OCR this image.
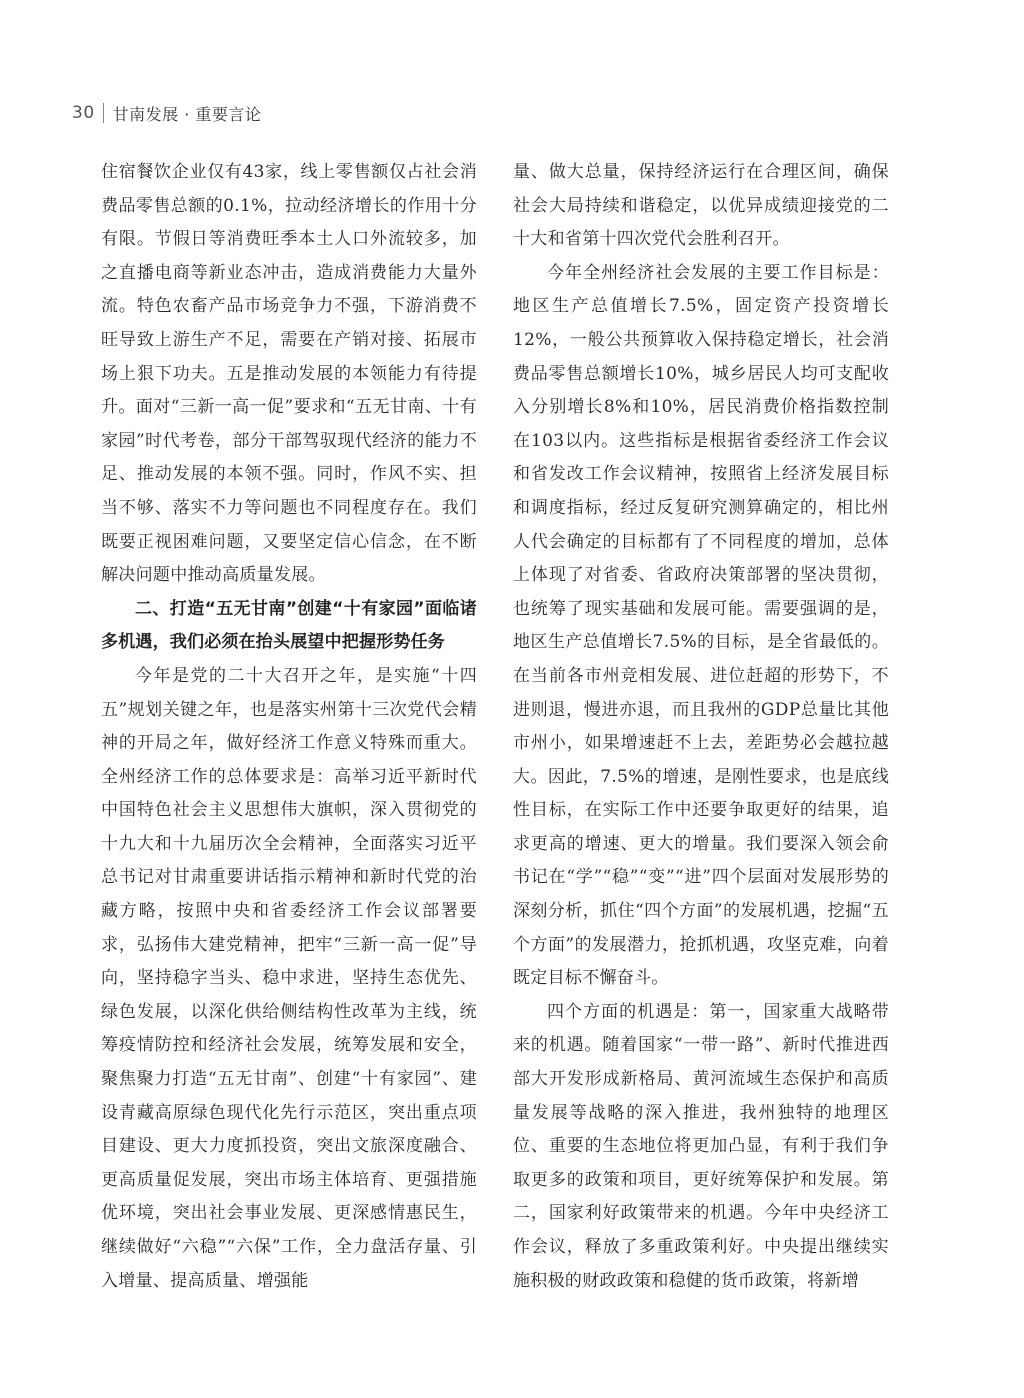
30 甘南发展 · 重要言论

住宿餐饮企业仅有43家，线上零售额仅占社会消费品零售总额的0.1%，拉动经济增长的作用十分有限。节假日等消费旺季本土人口外流较多，加之直播电商等新业态冲击，造成消费能力大量外流。特色农畜产品市场竞争力不强，下游消费不旺导致上游生产不足，需要在产销对接、拓展市场上狠下功夫。五是推动发展的本领能力有待提升。面对“三新一高一促”要求和“五无甘南、十有家园”时代考卷，部分干部驾驭现代经济的能力不足、推动发展的本领不强。同时，作风不实、担当不够、落实不力等问题也不同程度存在。我们既要正视困难问题，又要坚定信心信念，在不断解决问题中推动高质量发展。

二、打造“五无甘南”创建“十有家园”面临诸多机遇，我们必须在抬头展望中把握形势任务

今年是党的二十大召开之年，是实施“十四五”规划关键之年，也是落实州第十三次党代会精神的开局之年，做好经济工作意义特殊而重大。全州经济工作的总体要求是：高举习近平新时代中国特色社会主义思想伟大旗帜，深入贯彻党的十九大和十九届历次全会精神，全面落实习近平总书记对甘肃重要讲话指示精神和新时代党的治藏方略，按照中央和省委经济工作会议部署要求，弘扬伟大建党精神，把牢“三新一高一促”导向，坚持稳字当头、稳中求进，坚持生态优先、绿色发展，以深化供给侧结构性改革为主线，统筹疫情防控和经济社会发展，统筹发展和安全，聚焦聚力打造“五无甘南”、创建“十有家园”、建设青藏高原绿色现代化先行示范区，突出重点项目建设、更大力度抓投资，突出文旅深度融合、更高质量促发展，突出市场主体培育、更强措施优环境，突出社会事业发展、更深感情惠民生，继续做好“六稳”“六保”工作，全力盘活存量、引入增量、提高质量、增强能

量、做大总量，保持经济运行在合理区间，确保社会大局持续和谐稳定，以优异成绩迎接党的二十大和省第十四次党代会胜利召开。

今年全州经济社会发展的主要工作目标是：地区生产总值增长7.5%，固定资产投资增长12%，一般公共预算收入保持稳定增长，社会消费品零售总额增长10%，城乡居民人均可支配收入分别增长8%和10%，居民消费价格指数控制在103以内。这些指标是根据省委经济工作会议和省发改工作会议精神，按照省上经济发展目标和调度指标，经过反复研究测算确定的，相比州人代会确定的目标都有了不同程度的增加，总体上体现了对省委、省政府决策部署的坚决贯彻，也统筹了现实基础和发展可能。需要强调的是，地区生产总值增长7.5%的目标，是全省最低的。在当前各市州竞相发展、进位赶超的形势下，不进则退，慢进亦退，而且我州的GDP总量比其他市州小，如果增速赶不上去，差距势必会越拉越大。因此，7.5%的增速，是刚性要求，也是底线性目标，在实际工作中还要争取更好的结果，追求更高的增速、更大的增量。我们要深入领会俞书记在“学”“稳”“变”“进”四个层面对发展形势的深刻分析，抓住“四个方面”的发展机遇，挖掘“五个方面”的发展潜力，抢抓机遇，攻坚克难，向着既定目标不懈奋斗。

四个方面的机遇是：第一，国家重大战略带来的机遇。随着国家“一带一路”、新时代推进西部大开发形成新格局、黄河流域生态保护和高质量发展等战略的深入推进，我州独特的地理区位、重要的生态地位将更加凸显，有利于我们争取更多的政策和项目，更好统筹保护和发展。第二，国家利好政策带来的机遇。今年中央经济工作会议，释放了多重政策利好。中央提出继续实施积极的财政政策和稳健的货币政策，将新增
